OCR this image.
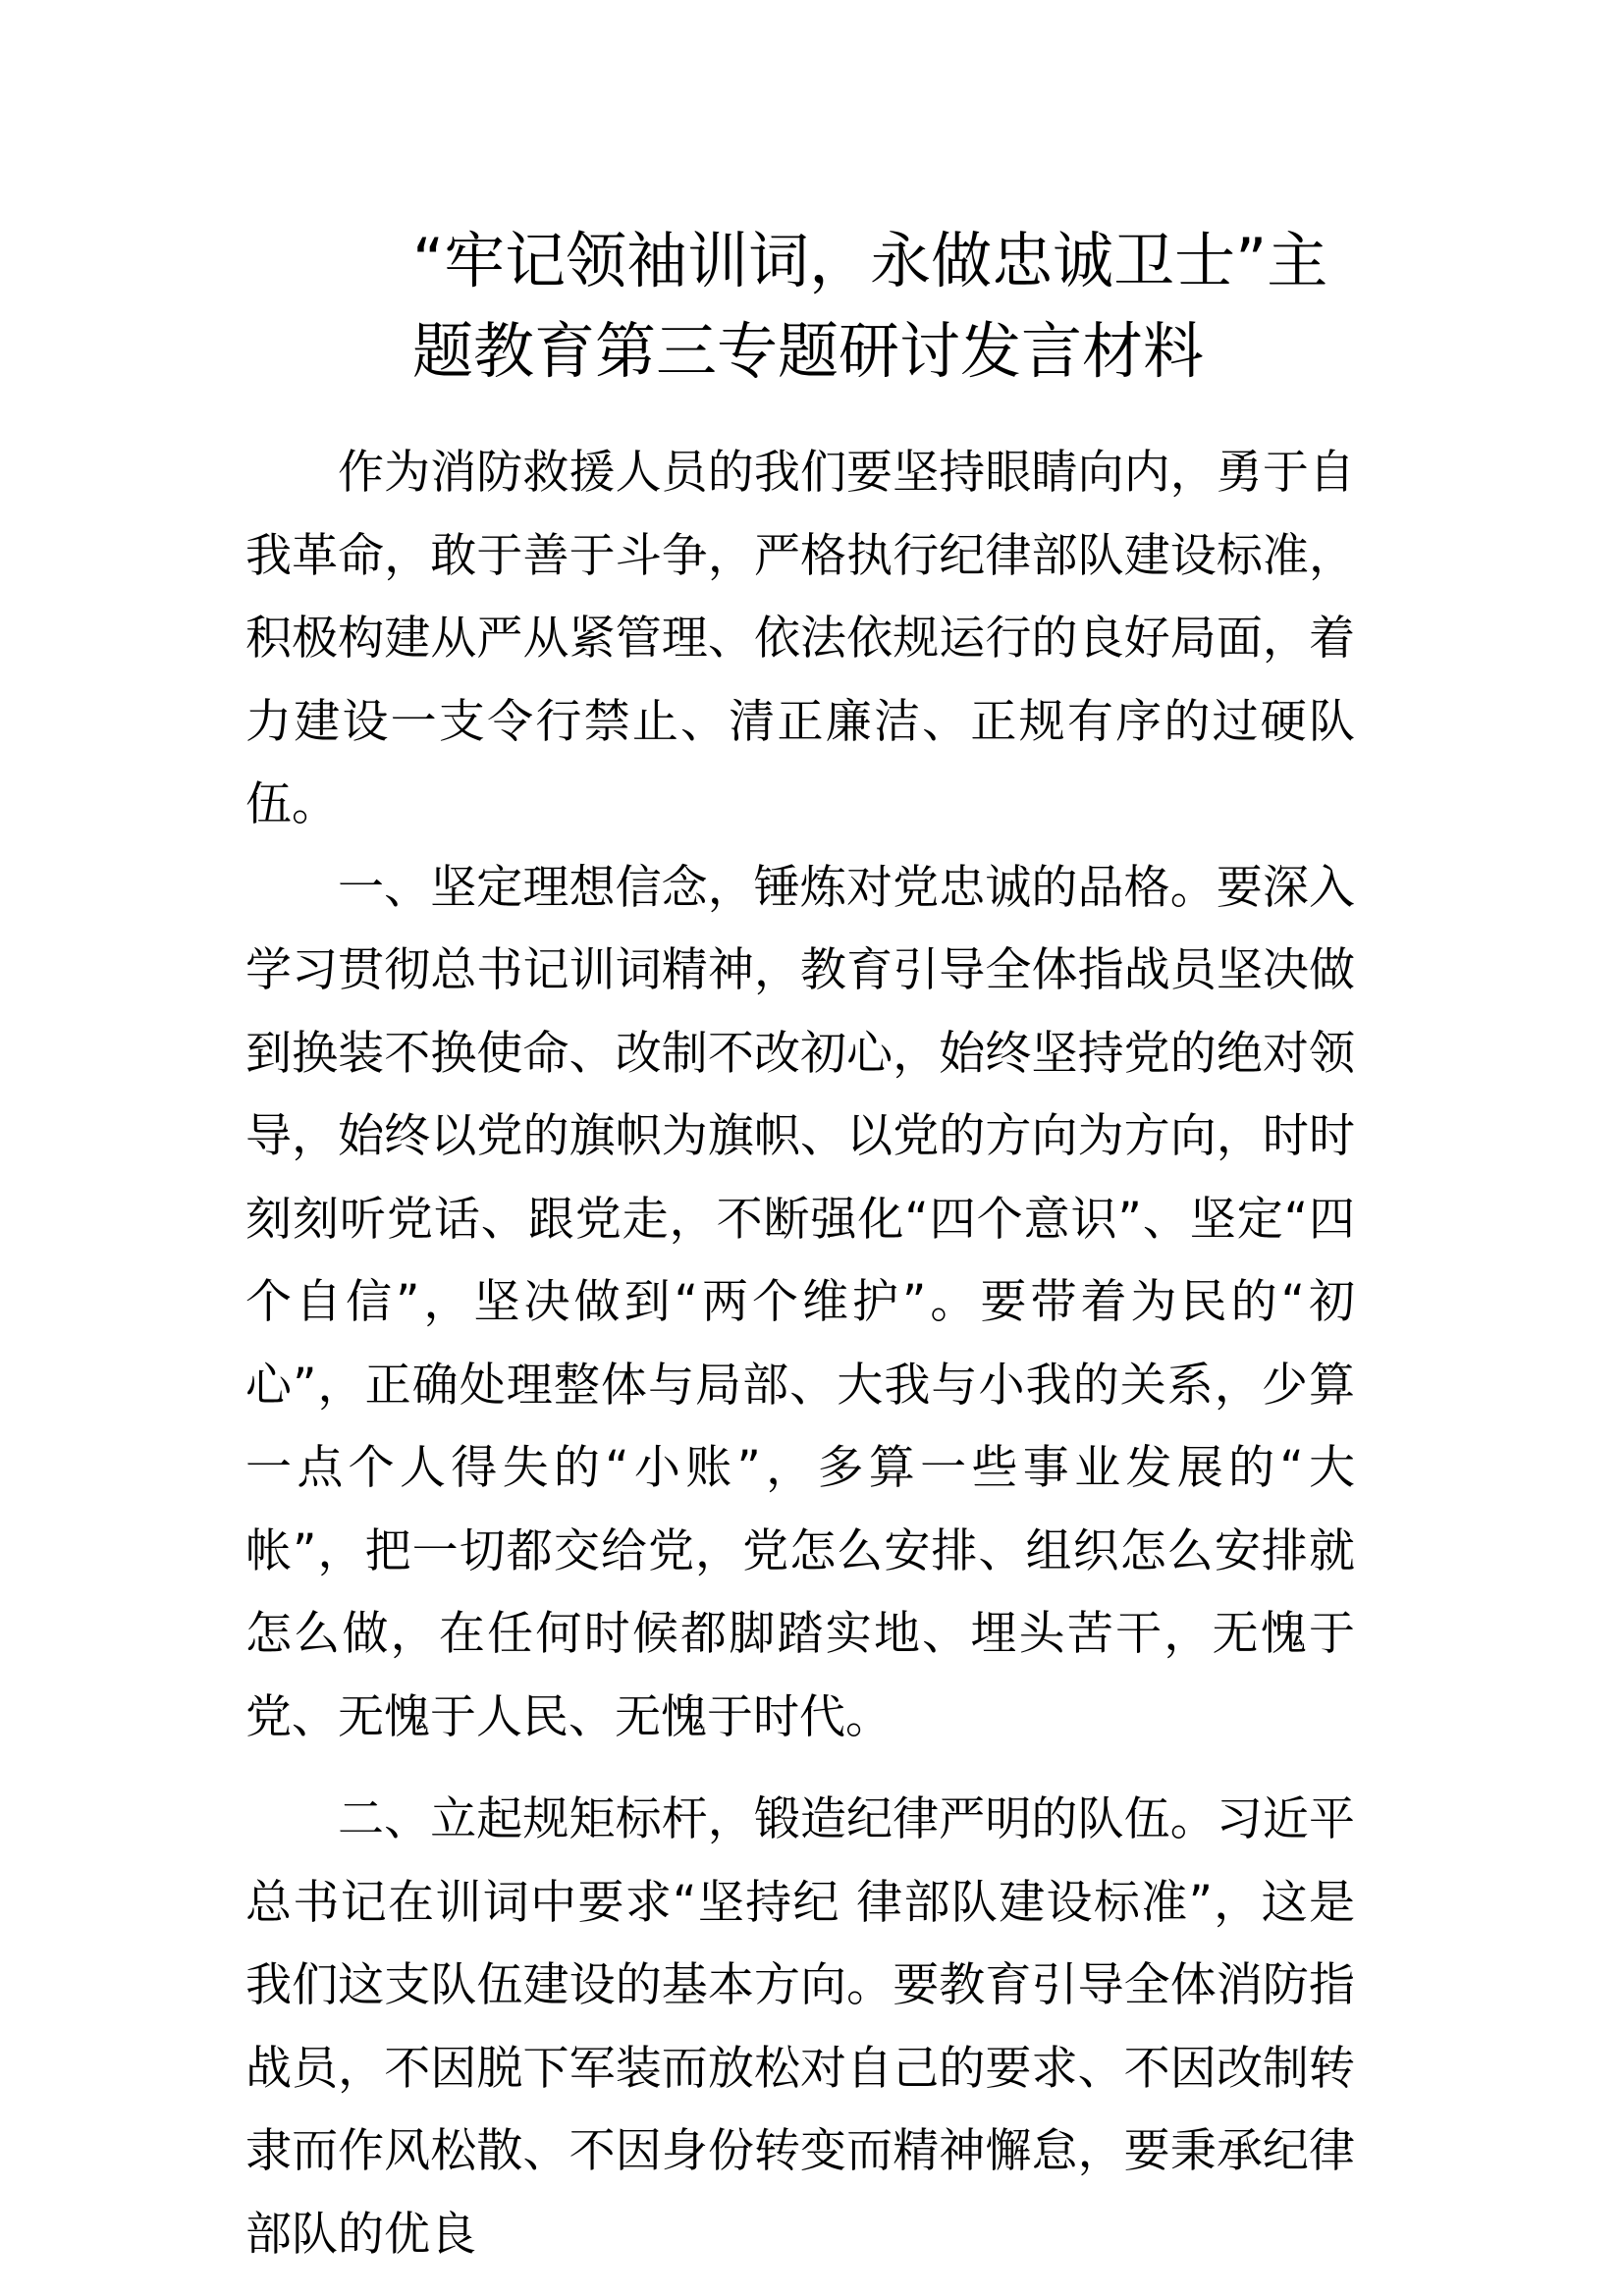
“牢记领袖训词，永做忠诚卫士”主题教育第三专题研讨发言材料

作为消防救援人员的我们要坚持眼睛向内，勇于自我革命，敢于善于斗争，严格执行纪律部队建设标准，积极构建从严从紧管理、依法依规运行的良好局面，着力建设一支令行禁止、清正廉洁、正规有序的过硬队伍。

一、坚定理想信念，锤炼对党忠诚的品格。要深入学习贯彻总书记训词精神，教育引导全体指战员坚决做到换装不换使命、改制不改初心，始终坚持党的绝对领导，始终以党的旗帜为旗帜、以党的方向为方向，时时刻刻听党话、跟党走，不断强化“四个意识”、坚定“四个自信”，坚决做到“两个维护”。要带着为民的“初心”，正确处理整体与局部、大我与小我的关系，少算一点个人得失的“小账”，多算一些事业发展的“大帐”，把一切都交给党，党怎么安排、组织怎么安排就怎么做，在任何时候都脚踏实地、埋头苦干，无愧于党、无愧于人民、无愧于时代。

二、立起规矩标杆，锻造纪律严明的队伍。习近平总书记在训词中要求“坚持纪 律部队建设标准”，这是我们这支队伍建设的基本方向。要教育引导全体消防指战员，不因脱下军装而放松对自己的要求、不因改制转隶而作风松散、不因身份转变而精神懈怠，要秉承纪律部队的优良
